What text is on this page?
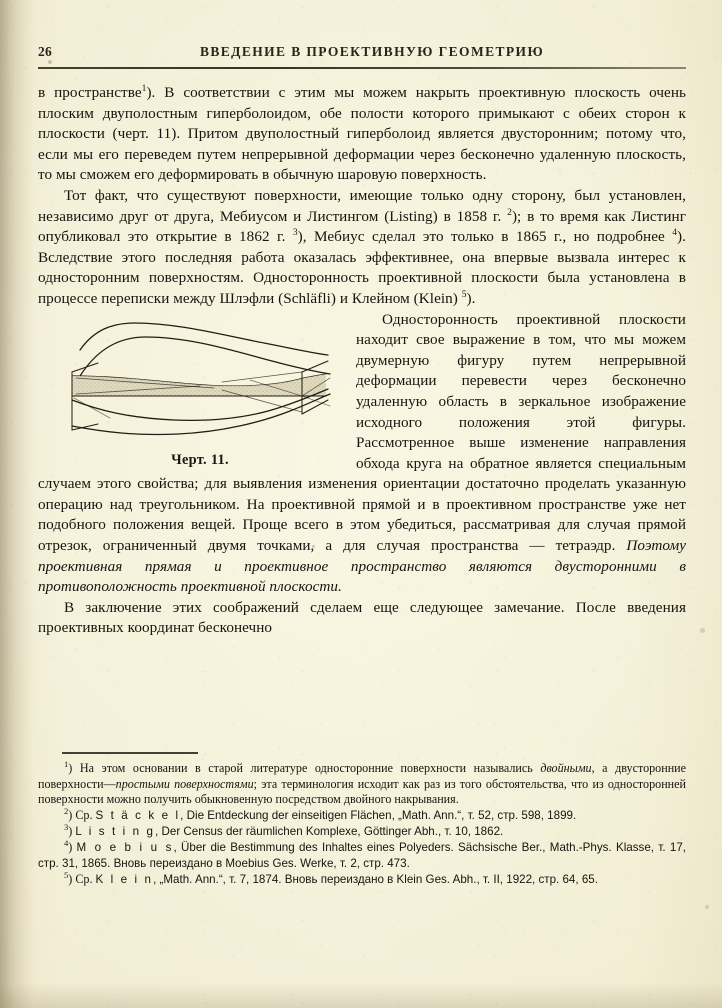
26	ВВЕДЕНИЕ В ПРОЕКТИВНУЮ ГЕОМЕТРИЮ

в пространстве$^1$). В соответствии с этим мы можем накрыть проективную плоскость очень плоским двуполостным гиперболоидом, обе полости которого примыкают с обеих сторон к плоскости (черт. 11). Притом двуполостный гиперболоид является двусторонним; потому что, если мы его переведем путем непрерывной деформации через бесконечно удаленную плоскость, то мы сможем его деформировать в обычную шаровую поверхность.

Тот факт, что существуют поверхности, имеющие только одну сторону, был установлен, независимо друг от друга, Мебиусом и Листингом (Listing) в 1858 г. $^2$); в то время как Листинг опубликовал это открытие в 1862 г. $^3$), Мебиус сделал это только в 1865 г., но подробнее $^4$). Вследствие этого последняя работа оказалась эффективнее, она впервые вызвала интерес к односторонним поверхностям. Односторонность проективной плоскости была установлена в процессе переписки между Шлэфли (Schläfli) и Клейном (Klein) $^5$).

Черт. 11.
Односторонность проективной плоскости находит свое выражение в том, что мы можем двумерную фигуру путем непрерывной деформации перевести через бесконечно удаленную область в зеркальное изображение исходного положения этой фигуры. Рассмотренное выше изменение направления обхода круга на обратное является специальным случаем этого свойства; для выявления изменения ориентации достаточно проделать указанную операцию над треугольником. На проективной прямой и в проективном пространстве уже нет подобного положения вещей. Проще всего в этом убедиться, рассматривая для случая прямой отрезок, ограниченный двумя точками, а для случая пространства — тетраэдр. Поэтому проективная прямая и проективное пространство являются двусторонними в противоположность проективной плоскости.

В заключение этих соображений сделаем еще следующее замечание. После введения проективных координат бесконечно

$^1$) На этом основании в старой литературе односторонние поверхности назывались двойными, а двусторонние поверхности—простыми поверхностями; эта терминология исходит как раз из того обстоятельства, что из односторонней поверхности можно получить обыкновенную посредством двойного накрывания.

$^2$) Ср. S t ä c k e l, Die Entdeckung der einseitigen Flächen, „Math. Ann.“, т. 52, стр. 598, 1899.

$^3$) L i s t i n g, Der Census der räumlichen Komplexe, Göttinger Abh., т. 10, 1862.

$^4$) M o e b i u s, Über die Bestimmung des Inhaltes eines Polyeders. Sächsische Ber., Math.-Phys. Klasse, т. 17, стр. 31, 1865. Вновь переиздано в Moebius Ges. Werke, т. 2, стр. 473.

$^5$) Ср. K l e i n, „Math. Ann.“, т. 7, 1874. Вновь переиздано в Klein Ges. Abh., т. II, 1922, стр. 64, 65.
